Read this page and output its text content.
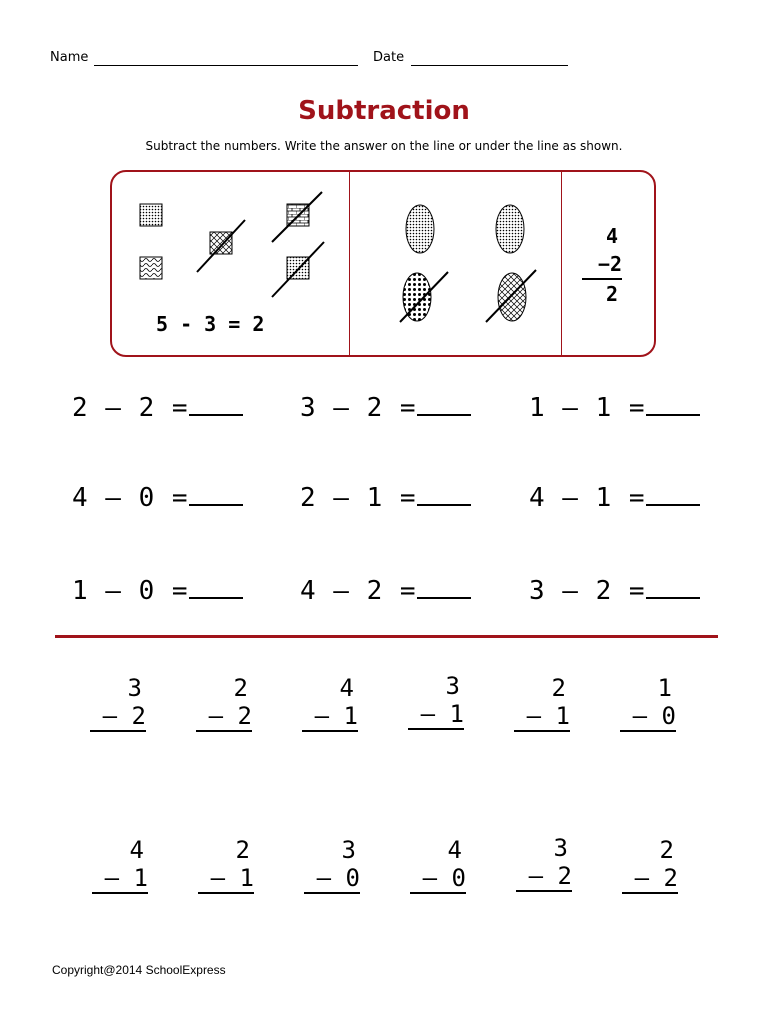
Name	Date
Subtraction
Subtract the numbers. Write the answer on the line or under the line as shown.
5 - 3 = 2
4
−2
2
2 – 2 =	3 – 2 =	1 – 1 =
4 – 0 =	2 – 1 =	4 – 1 =
1 – 0 =	4 – 2 =	3 – 2 =
3
– 2
2
– 2
4
– 1
3
– 1
2
– 1
1
– 0
4
– 1
2
– 1
3
– 0
4
– 0
3
– 2
2
– 2
Copyright@2014 SchoolExpress
